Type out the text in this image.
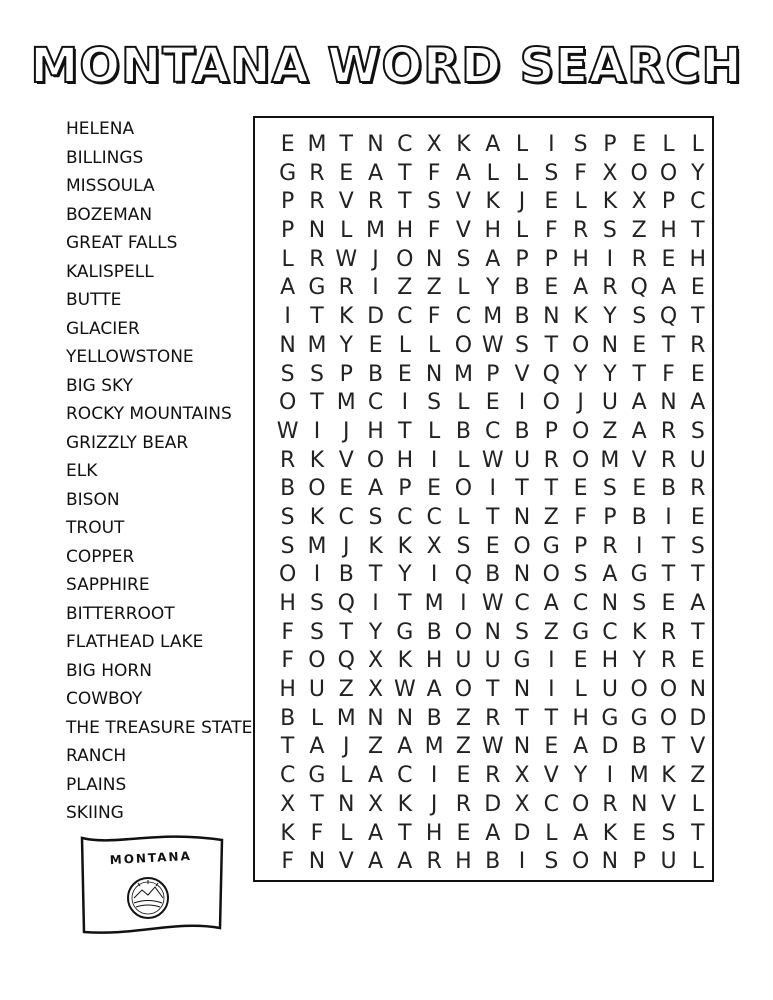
MONTANA WORD SEARCH
HELENA
BILLINGS
MISSOULA
BOZEMAN
GREAT FALLS
KALISPELL
BUTTE
GLACIER
YELLOWSTONE
BIG SKY
ROCKY MOUNTAINS
GRIZZLY BEAR
ELK
BISON
TROUT
COPPER
SAPPHIRE
BITTERROOT
FLATHEAD LAKE
BIG HORN
COWBOY
THE TREASURE STATE
RANCH
PLAINS
SKIING
E M T N C X K A L I S P E L L
G R E A T F A L L S F X O O Y
P R V R T S V K J E L K X P C
P N L M H F V H L F R S Z H T
L R W J O N S A P P H I R E H
A G R I Z Z L Y B E A R Q A E
I T K D C F C M B N K Y S Q T
N M Y E L L O W S T O N E T R
S S P B E N M P V Q Y Y T F E
O T M C I S L E I O J U A N A
W I	J H T L B C B P O Z A R S
R K V O H I L W U R O M V R U
B O E A P E O I T T E S E B R
S K C S C C L T N Z F P B I E
S M J K K X S E O G P R I T S
O I B T Y I Q B N O S A G T T
H S Q I T M I W C A C N S E A
F S T Y G B O N S Z G C K R T
F O Q X K H U U G I E H Y R E
H U Z X W A O T N I L U O O N
B L M N N B Z R T T H G G O D
T A J Z A M Z W N E A D B T V
C G L A C I E R X V Y I M K Z
X T N X K J R D X C O R N V L
K F L A T H E A D L A K E S T
F N V A A R H B I S O N P U L
MONTANA
